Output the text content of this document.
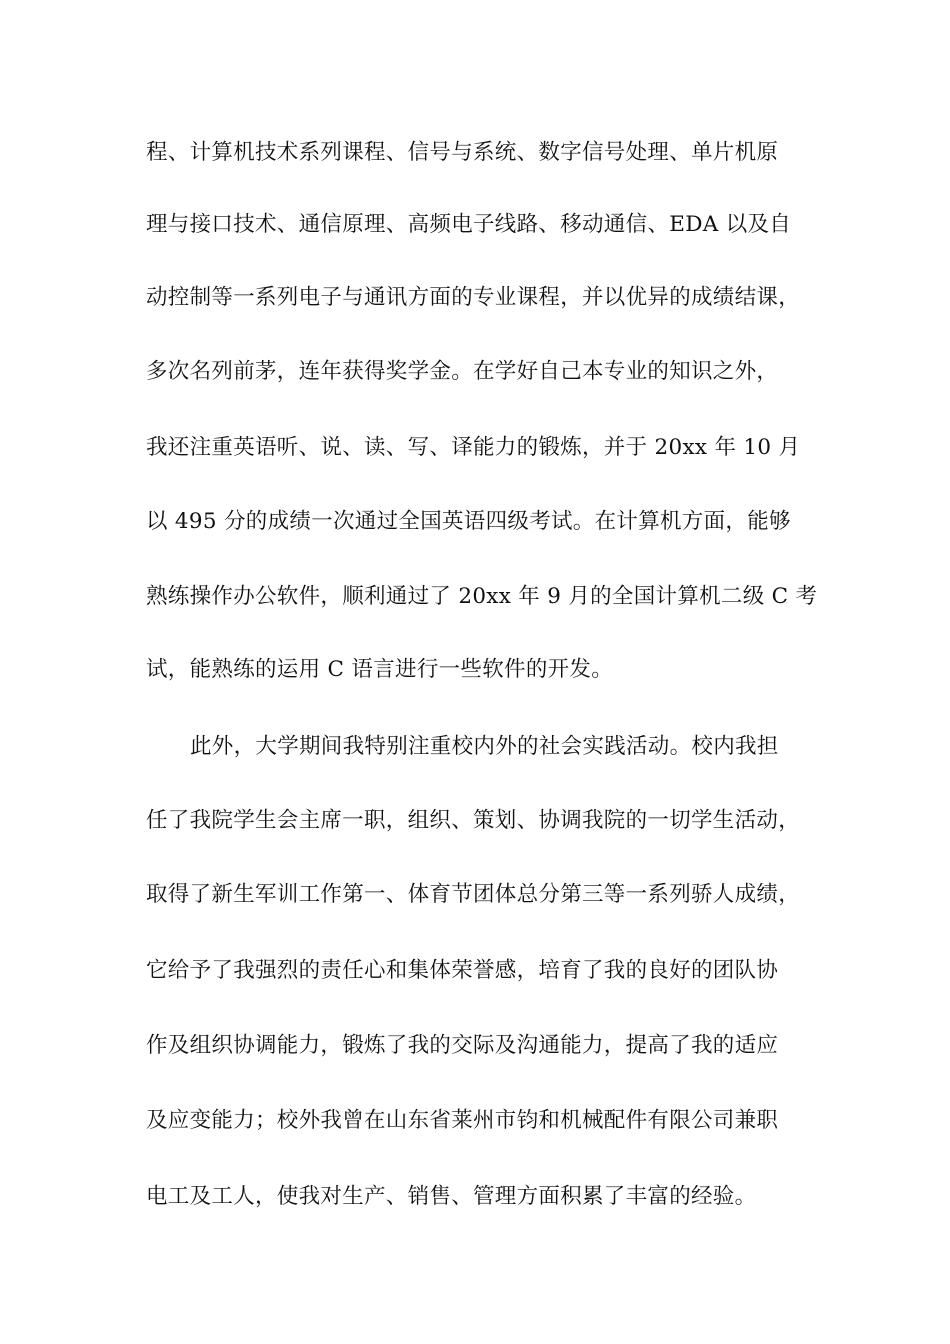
程、计算机技术系列课程、信号与系统、数字信号处理、单片机原
理与接口技术、通信原理、高频电子线路、移动通信、EDA 以及自
动控制等一系列电子与通讯方面的专业课程，并以优异的成绩结课，
多次名列前茅，连年获得奖学金。在学好自己本专业的知识之外，
我还注重英语听、说、读、写、译能力的锻炼，并于 20xx 年 10 月
以 495 分的成绩一次通过全国英语四级考试。在计算机方面，能够
熟练操作办公软件，顺利通过了 20xx 年 9 月的全国计算机二级 C 考
试，能熟练的运用 C 语言进行一些软件的开发。
此外，大学期间我特别注重校内外的社会实践活动。校内我担
任了我院学生会主席一职，组织、策划、协调我院的一切学生活动，
取得了新生军训工作第一、体育节团体总分第三等一系列骄人成绩，
它给予了我强烈的责任心和集体荣誉感，培育了我的良好的团队协
作及组织协调能力，锻炼了我的交际及沟通能力，提高了我的适应
及应变能力；校外我曾在山东省莱州市钧和机械配件有限公司兼职
电工及工人，使我对生产、销售、管理方面积累了丰富的经验。
